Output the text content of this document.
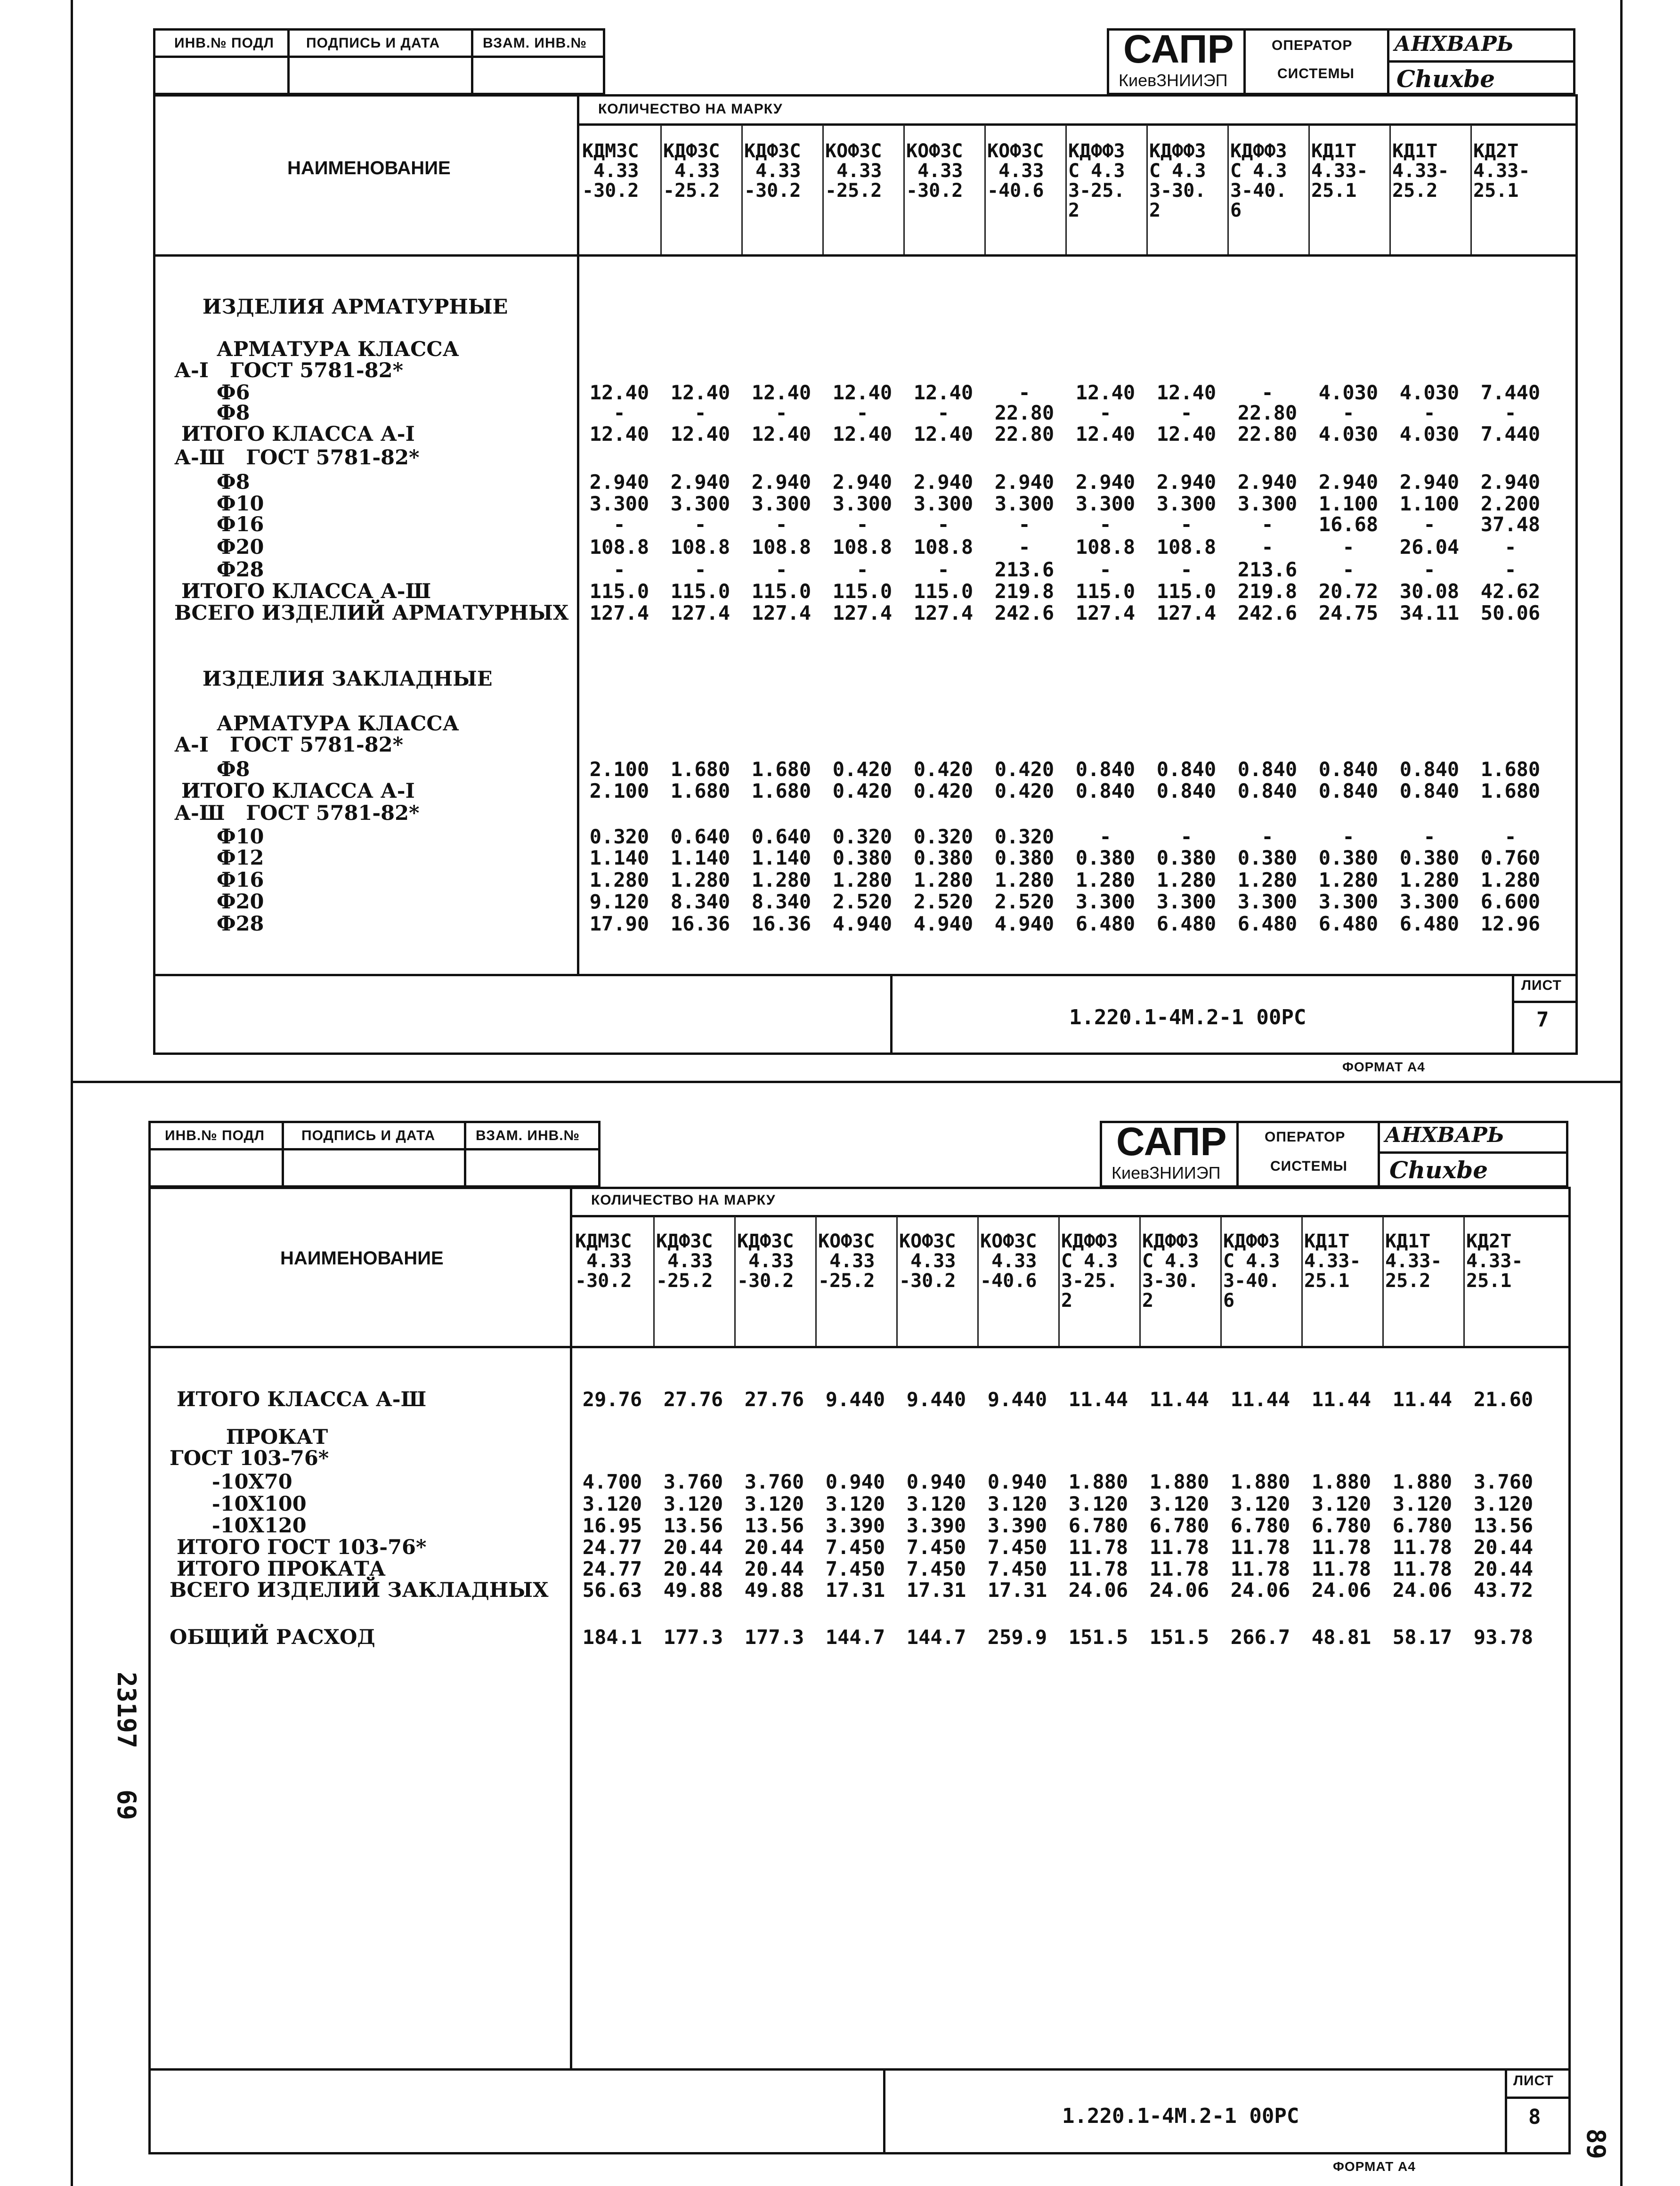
ИНВ.№ ПОДЛ ПОДПИСЬ И ДАТА	ВЗАМ. ИНВ.№	САПР
КиевЗНИИЭП
ОПЕРАТОР
СИСТЕМЫ
АНХВАРЬ
Chuxbe
КОЛИЧЕСТВО НА МАРКУ
НАИМЕНОВАНИЕ
КДМЗС
4.33
-30.2
КДФЗС
4.33
-25.2
КДФЗС
4.33
-30.2
КОФЗС
4.33
-25.2
КОФЗС
4.33
-30.2
КОФЗС
4.33
-40.6
КДФФЗ
С 4.3
3-25.
2
КДФФЗ
С 4.3
3-30.
2
КДФФЗ
С 4.3
3-40.
6
КД1Т
4.33-
25.1
КД1Т
4.33-
25.2
КД2Т
4.33-
25.1
ИЗДЕЛИЯ АРМАТУРНЫЕ
АРМАТУРА КЛАССА
А-I   ГОСТ 5781-82*
Ф6	12.40	12.40	12.40	12.40	12.40	-	12.40	12.40	-	4.030	4.030	7.440
Ф8	-	-	-	-	-	22.80	-	-	22.80	-	-	-
ИТОГО КЛАССА А-I	12.40	12.40	12.40	12.40	12.40	22.80	12.40	12.40	22.80	4.030	4.030	7.440
А-Ш   ГОСТ 5781-82*
Ф8	2.940	2.940	2.940	2.940	2.940	2.940	2.940	2.940	2.940	2.940	2.940	2.940
Ф10	3.300	3.300	3.300	3.300	3.300	3.300	3.300	3.300	3.300	1.100	1.100	2.200
Ф16	-	-	-	-	-	-	-	-	-	16.68	-	37.48
Ф20	108.8	108.8	108.8	108.8	108.8	-	108.8	108.8	-	-	26.04	-
Ф28	-	-	-	-	-	213.6	-	-	213.6	-	-	-
ИТОГО КЛАССА А-Ш	115.0	115.0	115.0	115.0	115.0	219.8	115.0	115.0	219.8	20.72	30.08	42.62
ВСЕГО ИЗДЕЛИЙ АРМАТУРНЫХ	127.4	127.4	127.4	127.4	127.4	242.6	127.4	127.4	242.6	24.75	34.11	50.06
ИЗДЕЛИЯ ЗАКЛАДНЫЕ
АРМАТУРА КЛАССА
А-I   ГОСТ 5781-82*
Ф8	2.100	1.680	1.680	0.420	0.420	0.420	0.840	0.840	0.840	0.840	0.840	1.680
ИТОГО КЛАССА А-I	2.100	1.680	1.680	0.420	0.420	0.420	0.840	0.840	0.840	0.840	0.840	1.680
А-Ш   ГОСТ 5781-82*
Ф10	0.320	0.640	0.640	0.320	0.320	0.320	-	-	-	-	-	-
Ф12	1.140	1.140	1.140	0.380	0.380	0.380	0.380	0.380	0.380	0.380	0.380	0.760
Ф16	1.280	1.280	1.280	1.280	1.280	1.280	1.280	1.280	1.280	1.280	1.280	1.280
Ф20	9.120	8.340	8.340	2.520	2.520	2.520	3.300	3.300	3.300	3.300	3.300	6.600
Ф28	17.90	16.36	16.36	4.940	4.940	4.940	6.480	6.480	6.480	6.480	6.480	12.96
1.220.1-4М.2-1 00РС
ЛИСТ
7
ФОРМАТ А4
ИНВ.№ ПОДЛ	ПОДПИСЬ И ДАТА	ВЗАМ. ИНВ.№	САПР
КиевЗНИИЭП
ОПЕРАТОР
СИСТЕМЫ
АНХВАРЬ
Chuxbe
КОЛИЧЕСТВО НА МАРКУ
НАИМЕНОВАНИЕ
КДМЗС
4.33
-30.2
КДФЗС
4.33
-25.2
КДФЗС
4.33
-30.2
КОФЗС
4.33
-25.2
КОФЗС
4.33
-30.2
КОФЗС
4.33
-40.6
КДФФЗ
С 4.3
3-25.
2
КДФФЗ
С 4.3
3-30.
2
КДФФЗ
С 4.3
3-40.
6
КД1Т
4.33-
25.1
КД1Т
4.33-
25.2
КД2Т
4.33-
25.1
ИТОГО КЛАССА А-Ш	29.76	27.76	27.76	9.440	9.440	9.440	11.44	11.44	11.44	11.44	11.44	21.60
ПРОКАТ
ГОСТ 103-76*
-10X70	4.700	3.760	3.760	0.940	0.940	0.940	1.880	1.880	1.880	1.880	1.880	3.760
-10X100	3.120	3.120	3.120	3.120	3.120	3.120	3.120	3.120	3.120	3.120	3.120	3.120
-10X120	16.95	13.56	13.56	3.390	3.390	3.390	6.780	6.780	6.780	6.780	6.780	13.56
ИТОГО ГОСТ 103-76*	24.77	20.44	20.44	7.450	7.450	7.450	11.78	11.78	11.78	11.78	11.78	20.44
ИТОГО ПРОКАТА	24.77	20.44	20.44	7.450	7.450	7.450	11.78	11.78	11.78	11.78	11.78	20.44
ВСЕГО ИЗДЕЛИЙ ЗАКЛАДНЫХ	56.63	49.88	49.88	17.31	17.31	17.31	24.06	24.06	24.06	24.06	24.06	43.72
ОБЩИЙ РАСХОД	184.1	177.3	177.3	144.7	144.7	259.9	151.5	151.5	266.7	48.81	58.17	93.78
1.220.1-4М.2-1 00РС
ЛИСТ
8
ФОРМАТ А4
23197
69
89
